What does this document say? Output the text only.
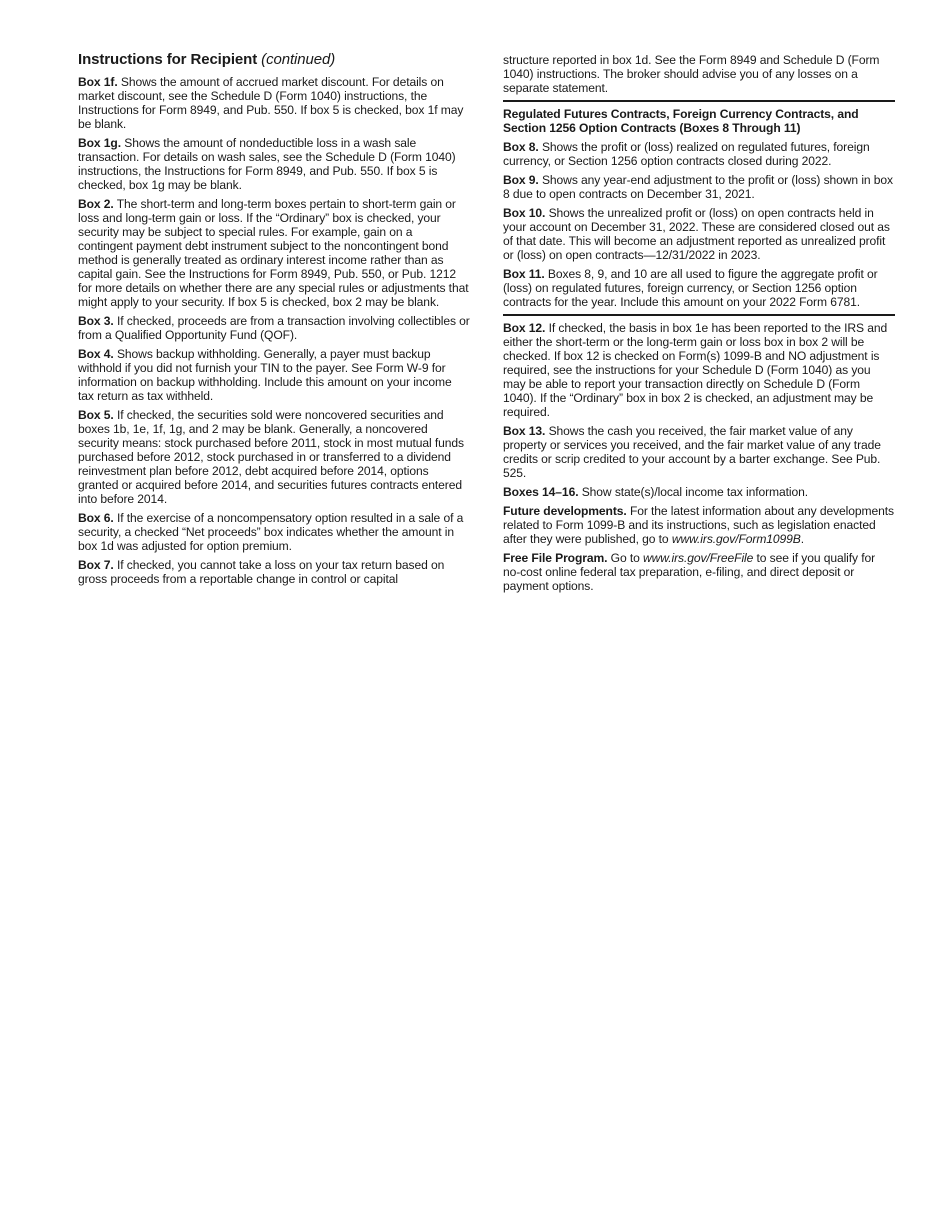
Instructions for Recipient (continued)
Box 1f. Shows the amount of accrued market discount. For details on market discount, see the Schedule D (Form 1040) instructions, the Instructions for Form 8949, and Pub. 550. If box 5 is checked, box 1f may be blank.
Box 1g. Shows the amount of nondeductible loss in a wash sale transaction. For details on wash sales, see the Schedule D (Form 1040) instructions, the Instructions for Form 8949, and Pub. 550. If box 5 is checked, box 1g may be blank.
Box 2. The short-term and long-term boxes pertain to short-term gain or loss and long-term gain or loss. If the “Ordinary” box is checked, your security may be subject to special rules. For example, gain on a contingent payment debt instrument subject to the noncontingent bond method is generally treated as ordinary interest income rather than as capital gain. See the Instructions for Form 8949, Pub. 550, or Pub. 1212 for more details on whether there are any special rules or adjustments that might apply to your security. If box 5 is checked, box 2 may be blank.
Box 3. If checked, proceeds are from a transaction involving collectibles or from a Qualified Opportunity Fund (QOF).
Box 4. Shows backup withholding. Generally, a payer must backup withhold if you did not furnish your TIN to the payer. See Form W-9 for information on backup withholding. Include this amount on your income tax return as tax withheld.
Box 5. If checked, the securities sold were noncovered securities and boxes 1b, 1e, 1f, 1g, and 2 may be blank. Generally, a noncovered security means: stock purchased before 2011, stock in most mutual funds purchased before 2012, stock purchased in or transferred to a dividend reinvestment plan before 2012, debt acquired before 2014, options granted or acquired before 2014, and securities futures contracts entered into before 2014.
Box 6. If the exercise of a noncompensatory option resulted in a sale of a security, a checked “Net proceeds” box indicates whether the amount in box 1d was adjusted for option premium.
Box 7. If checked, you cannot take a loss on your tax return based on gross proceeds from a reportable change in control or capital
structure reported in box 1d. See the Form 8949 and Schedule D (Form 1040) instructions. The broker should advise you of any losses on a separate statement.
Regulated Futures Contracts, Foreign Currency Contracts, and Section 1256 Option Contracts (Boxes 8 Through 11)
Box 8. Shows the profit or (loss) realized on regulated futures, foreign currency, or Section 1256 option contracts closed during 2022.
Box 9. Shows any year-end adjustment to the profit or (loss) shown in box 8 due to open contracts on December 31, 2021.
Box 10. Shows the unrealized profit or (loss) on open contracts held in your account on December 31, 2022. These are considered closed out as of that date. This will become an adjustment reported as unrealized profit or (loss) on open contracts—12/31/2022 in 2023.
Box 11. Boxes 8, 9, and 10 are all used to figure the aggregate profit or (loss) on regulated futures, foreign currency, or Section 1256 option contracts for the year. Include this amount on your 2022 Form 6781.
Box 12. If checked, the basis in box 1e has been reported to the IRS and either the short-term or the long-term gain or loss box in box 2 will be checked. If box 12 is checked on Form(s) 1099-B and NO adjustment is required, see the instructions for your Schedule D (Form 1040) as you may be able to report your transaction directly on Schedule D (Form 1040). If the “Ordinary” box in box 2 is checked, an adjustment may be required.
Box 13. Shows the cash you received, the fair market value of any property or services you received, and the fair market value of any trade credits or scrip credited to your account by a barter exchange. See Pub. 525.
Boxes 14–16. Show state(s)/local income tax information.
Future developments. For the latest information about any developments related to Form 1099-B and its instructions, such as legislation enacted after they were published, go to www.irs.gov/Form1099B.
Free File Program. Go to www.irs.gov/FreeFile to see if you qualify for no-cost online federal tax preparation, e-filing, and direct deposit or payment options.
